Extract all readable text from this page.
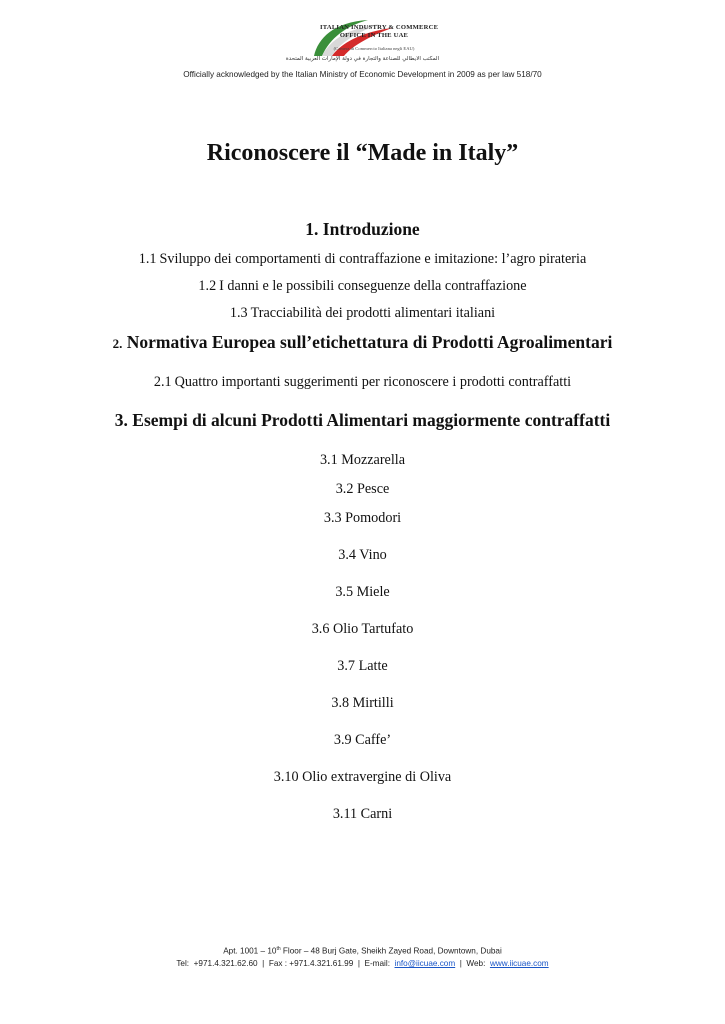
ITALIAN INDUSTRY & COMMERCE
OFFICE IN THE UAE
(Camera di Commercio Italiana negli EAU)
المكتب الايطالي للصناعة والتجارة في دولة الإمارات العربية المتحدة
Officially acknowledged by the Italian Ministry of Economic Development in 2009 as per law 518/70
Riconoscere il “Made in Italy”
1. Introduzione
1.1 Sviluppo dei comportamenti di contraffazione e imitazione: l’agro pirateria
1.2 I danni e le possibili conseguenze della contraffazione
1.3 Tracciabilità dei prodotti alimentari italiani
2. Normativa Europea sull’etichettatura di Prodotti Agroalimentari
2.1 Quattro importanti suggerimenti per riconoscere i prodotti contraffatti
3. Esempi di alcuni Prodotti Alimentari maggiormente contraffatti
3.1 Mozzarella
3.2 Pesce
3.3 Pomodori
3.4 Vino
3.5 Miele
3.6 Olio Tartufato
3.7 Latte
3.8 Mirtilli
3.9 Caffe’
3.10 Olio extravergine di Oliva
3.11 Carni
Apt. 1001 – 10th Floor – 48 Burj Gate, Sheikh Zayed Road, Downtown, Dubai
Tel:  +971.4.321.62.60  |  Fax : +971.4.321.61.99  |  E-mail:  info@iicuae.com  |  Web:  www.iicuae.com
